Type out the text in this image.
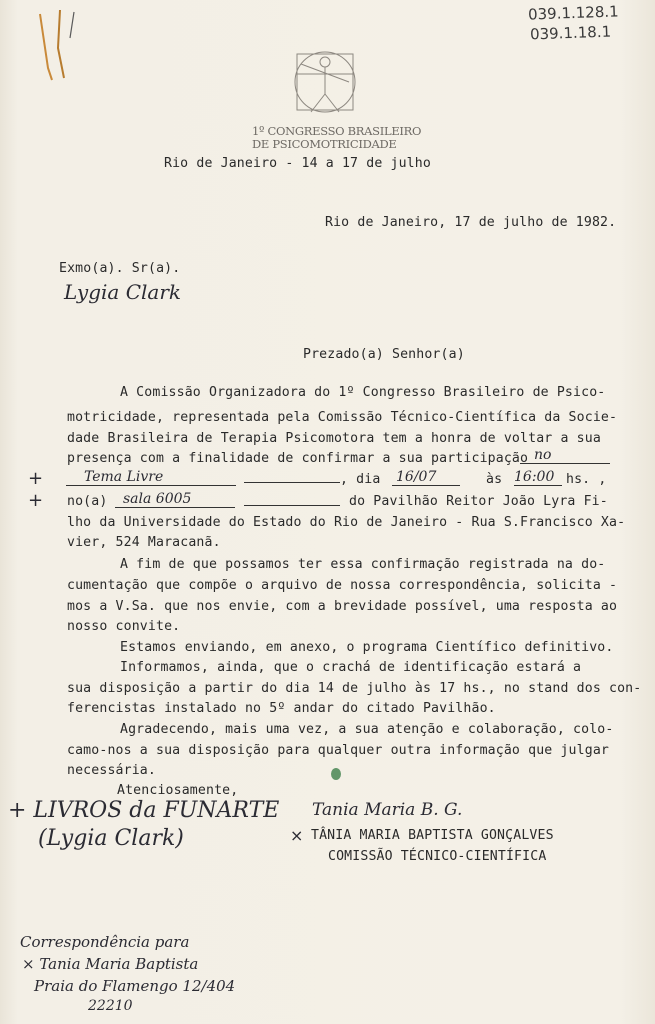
039.1.128.1
039.1.18.1
1º CONGRESSO BRASILEIRO
DE PSICOMOTRICIDADE
Rio de Janeiro - 14 a 17 de julho
Rio de Janeiro, 17 de julho de 1982.
Exmo(a). Sr(a).
Lygia Clark
Prezado(a) Senhor(a)
A Comissão Organizadora do 1º Congresso Brasileiro de Psico-
motricidade, representada pela Comissão Técnico-Científica da Socie-
dade Brasileira de Terapia Psicomotora tem a honra de voltar a sua
presença com a finalidade de confirmar a sua participação no
+	Tema Livre	, dia 16/07	às 16:00 hs. ,
+ no(a)	sala 6005	do Pavilhão Reitor João Lyra Fi-
lho da Universidade do Estado do Rio de Janeiro - Rua S.Francisco Xa-
vier, 524 Maracanã.
A fim de que possamos ter essa confirmação registrada na do-
cumentação que compõe o arquivo de nossa correspondência, solicita -
mos a V.Sa. que nos envie, com a brevidade possível, uma resposta ao
nosso convite.
Estamos enviando, em anexo, o programa Científico definitivo.
Informamos, ainda, que o crachá de identificação estará a
sua disposição a partir do dia 14 de julho às 17 hs., no stand dos con-
ferencistas instalado no 5º andar do citado Pavilhão.
Agradecendo, mais uma vez, a sua atenção e colaboração, colo-
camo-nos a sua disposição para qualquer outra informação que julgar
necessária.
Atenciosamente,
+ LIVROS da FUNARTE
(Lygia Clark)
Tania Maria B. G.
× TÂNIA MARIA BAPTISTA GONÇALVES
COMISSÃO TÉCNICO-CIENTÍFICA
Correspondência para
× Tania Maria Baptista
Praia do Flamengo 12/404
22210
